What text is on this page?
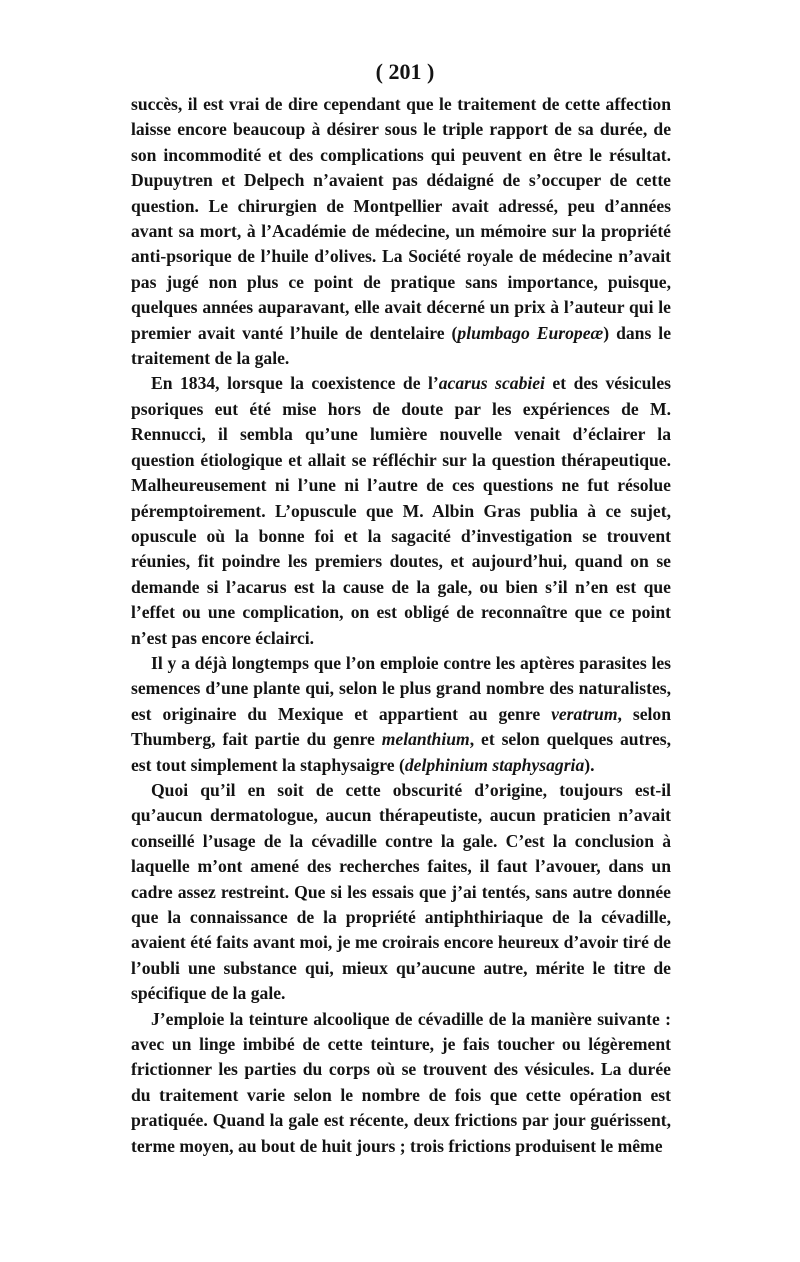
( 201 )

succès, il est vrai de dire cependant que le traitement de cette affection laisse encore beaucoup à désirer sous le triple rapport de sa durée, de son incommodité et des complications qui peuvent en être le résultat. Dupuytren et Delpech n’avaient pas dédaigné de s’occuper de cette question. Le chirurgien de Montpellier avait adressé, peu d’années avant sa mort, à l’Académie de médecine, un mémoire sur la propriété anti-psorique de l’huile d’olives. La Société royale de médecine n’avait pas jugé non plus ce point de pratique sans importance, puisque, quelques années auparavant, elle avait décerné un prix à l’auteur qui le premier avait vanté l’huile de dentelaire (plumbago Europeæ) dans le traitement de la gale.

En 1834, lorsque la coexistence de l’acarus scabiei et des vésicules psoriques eut été mise hors de doute par les expériences de M. Rennucci, il sembla qu’une lumière nouvelle venait d’éclairer la question étiologique et allait se réfléchir sur la question thérapeutique. Malheureusement ni l’une ni l’autre de ces questions ne fut résolue péremptoirement. L’opuscule que M. Albin Gras publia à ce sujet, opuscule où la bonne foi et la sagacité d’investigation se trouvent réunies, fit poindre les premiers doutes, et aujourd’hui, quand on se demande si l’acarus est la cause de la gale, ou bien s’il n’en est que l’effet ou une complication, on est obligé de reconnaître que ce point n’est pas encore éclairci.

Il y a déjà longtemps que l’on emploie contre les aptères parasites les semences d’une plante qui, selon le plus grand nombre des naturalistes, est originaire du Mexique et appartient au genre veratrum, selon Thumberg, fait partie du genre melanthium, et selon quelques autres, est tout simplement la staphysaigre (delphinium staphysagria).

Quoi qu’il en soit de cette obscurité d’origine, toujours est-il qu’aucun dermatologue, aucun thérapeutiste, aucun praticien n’avait conseillé l’usage de la cévadille contre la gale. C’est la conclusion à laquelle m’ont amené des recherches faites, il faut l’avouer, dans un cadre assez restreint. Que si les essais que j’ai tentés, sans autre donnée que la connaissance de la propriété antiphthiriaque de la cévadille, avaient été faits avant moi, je me croirais encore heureux d’avoir tiré de l’oubli une substance qui, mieux qu’aucune autre, mérite le titre de spécifique de la gale.

J’emploie la teinture alcoolique de cévadille de la manière suivante : avec un linge imbibé de cette teinture, je fais toucher ou légèrement frictionner les parties du corps où se trouvent des vésicules. La durée du traitement varie selon le nombre de fois que cette opération est pratiquée. Quand la gale est récente, deux frictions par jour guérissent, terme moyen, au bout de huit jours ; trois frictions produisent le même
